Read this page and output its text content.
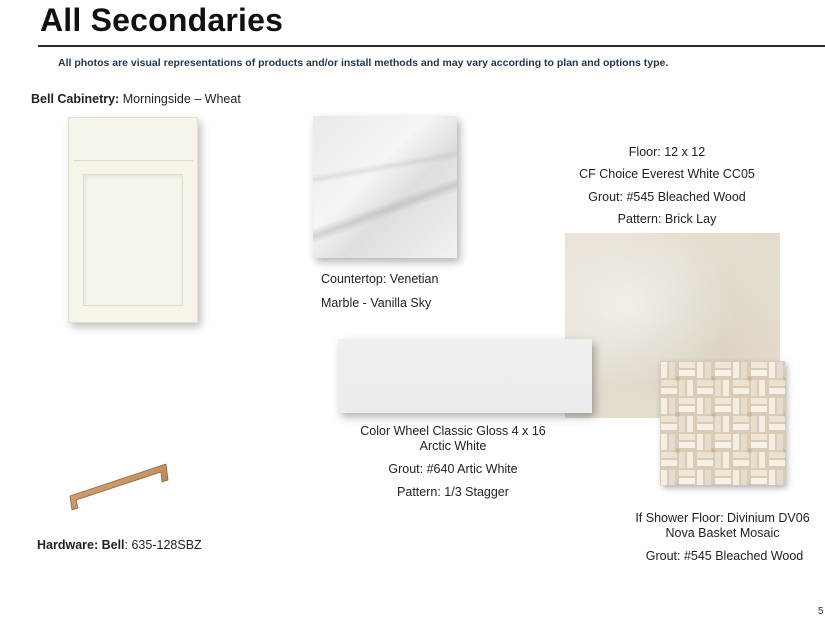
All Secondaries
All photos are visual representations of products and/or install methods and may vary according to plan and options type.
Bell Cabinetry: Morningside – Wheat
Countertop: Venetian
Marble - Vanilla Sky
Floor: 12 x 12
CF Choice Everest White CC05
Grout: #545 Bleached Wood
Pattern: Brick Lay
Color Wheel Classic Gloss 4 x 16
Arctic White
Grout: #640 Artic White
Pattern: 1/3 Stagger
If Shower Floor: Divinium DV06
Nova Basket Mosaic
Grout: #545 Bleached Wood
Hardware: Bell: 635-128SBZ
5
